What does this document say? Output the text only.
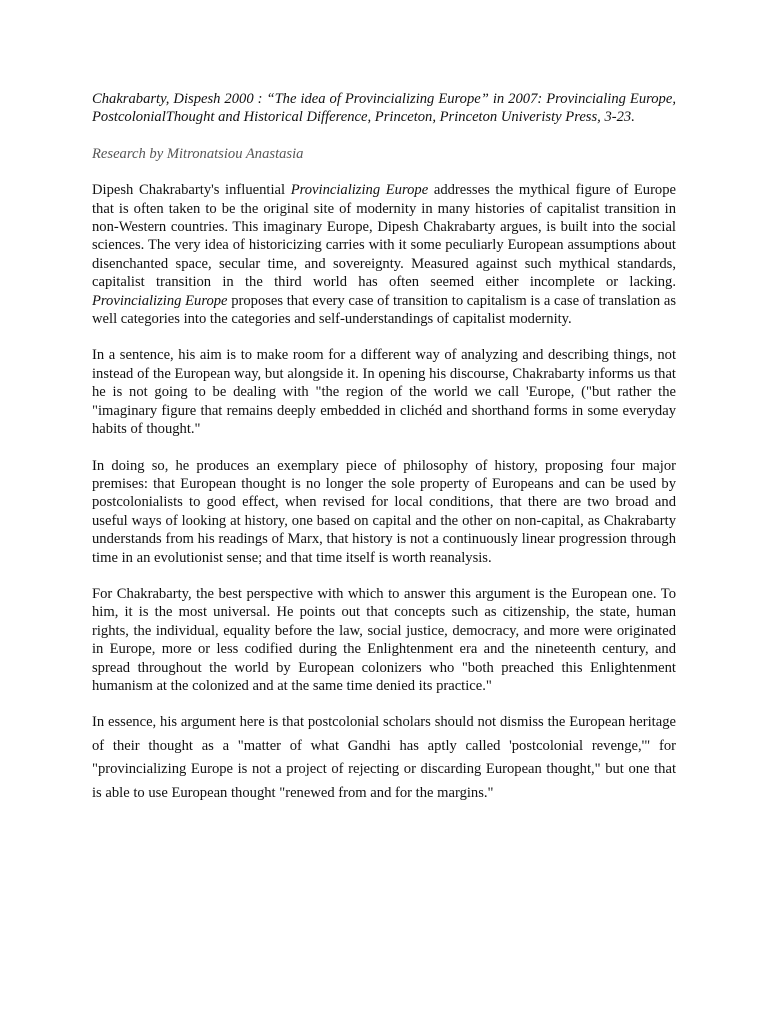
Chakrabarty, Dispesh 2000 : “The idea of Provincializing Europe” in 2007: Provincialing Europe, PostcolonialThought and Historical Difference, Princeton, Princeton Univeristy Press, 3-23.

Research by Mitronatsiou Anastasia

Dipesh Chakrabarty's influential Provincializing Europe addresses the mythical figure of Europe that is often taken to be the original site of modernity in many histories of capitalist transition in non-Western countries. This imaginary Europe, Dipesh Chakrabarty argues, is built into the social sciences. The very idea of historicizing carries with it some peculiarly European assumptions about disenchanted space, secular time, and sovereignty. Measured against such mythical standards, capitalist transition in the third world has often seemed either incomplete or lacking. Provincializing Europe proposes that every case of transition to capitalism is a case of translation as well categories into the categories and self-understandings of capitalist modernity.

In a sentence, his aim is to make room for a different way of analyzing and describing things, not instead of the European way, but alongside it. In opening his discourse, Chakrabarty informs us that he is not going to be dealing with "the region of the world we call 'Europe, ("but rather the "imaginary figure that remains deeply embedded in clichéd and shorthand forms in some everyday habits of thought."

In doing so, he produces an exemplary piece of philosophy of history, proposing four major premises: that European thought is no longer the sole property of Europeans and can be used by postcolonialists to good effect, when revised for local conditions, that there are two broad and useful ways of looking at history, one based on capital and the other on non-capital, as Chakrabarty understands from his readings of Marx, that history is not a continuously linear progression through time in an evolutionist sense; and that time itself is worth reanalysis.

For Chakrabarty, the best perspective with which to answer this argument is the European one. To him, it is the most universal. He points out that concepts such as citizenship, the state, human rights, the individual, equality before the law, social justice, democracy, and more were originated in Europe, more or less codified during the Enlightenment era and the nineteenth century, and spread throughout the world by European colonizers who "both preached this Enlightenment humanism at the colonized and at the same time denied its practice."

In essence, his argument here is that postcolonial scholars should not dismiss the European heritage of their thought as a "matter of what Gandhi has aptly called 'postcolonial revenge,'" for "provincializing Europe is not a project of rejecting or discarding European thought," but one that is able to use European thought "renewed from and for the margins."
